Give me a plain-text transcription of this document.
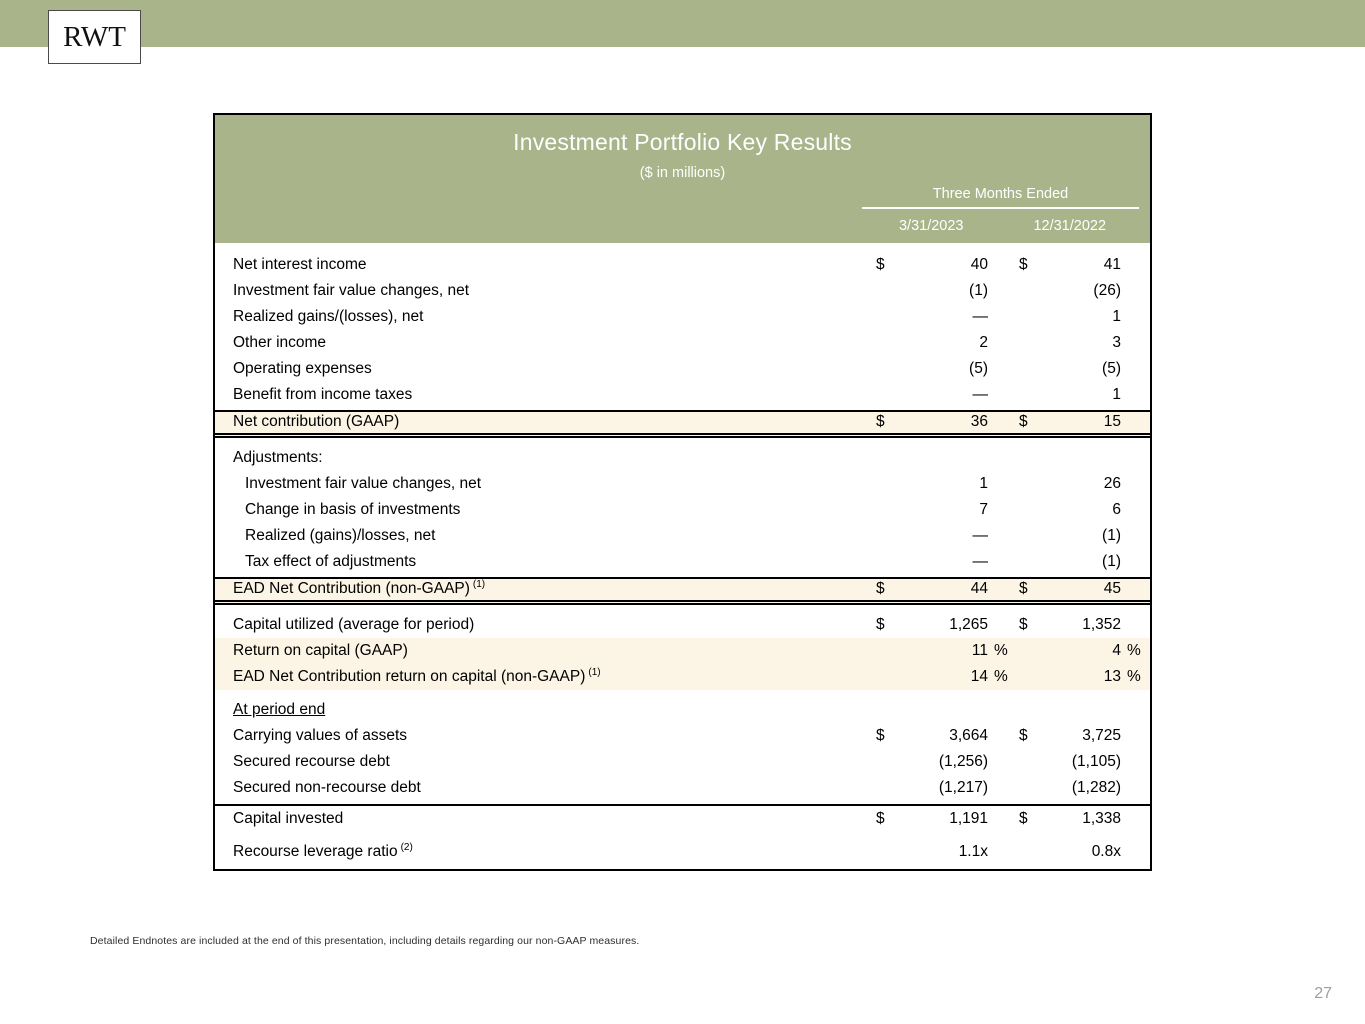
RWT
Investment Portfolio Key Results
($ in millions)
Three Months Ended
3/31/2023	12/31/2022
Net interest income	$	40 $	41
Investment fair value changes, net	(1)	(26)
Realized gains/(losses), net	—	1
Other income	2	3
Operating expenses	(5)	(5)
Benefit from income taxes	—	1
Net contribution (GAAP)	$	36 $	15
Adjustments:
Investment fair value changes, net	1	26
Change in basis of investments	7	6
Realized (gains)/losses, net	—	(1)
Tax effect of adjustments	—	(1)
EAD Net Contribution (non-GAAP) $^{(1)}$	$	44 $	45
Capital utilized (average for period)	$	1,265 $	1,352
Return on capital (GAAP)	11 %	4 %
EAD Net Contribution return on capital (non-GAAP) $^{(1)}$	14 %	13 %
At period end
Carrying values of assets	$	3,664 $	3,725
Secured recourse debt	(1,256)	(1,105)
Secured non-recourse debt	(1,217)	(1,282)
Capital invested	$	1,191 $	1,338
Recourse leverage ratio $^{(2)}$	1.1x	0.8x
Detailed Endnotes are included at the end of this presentation, including details regarding our non-GAAP measures.
27
